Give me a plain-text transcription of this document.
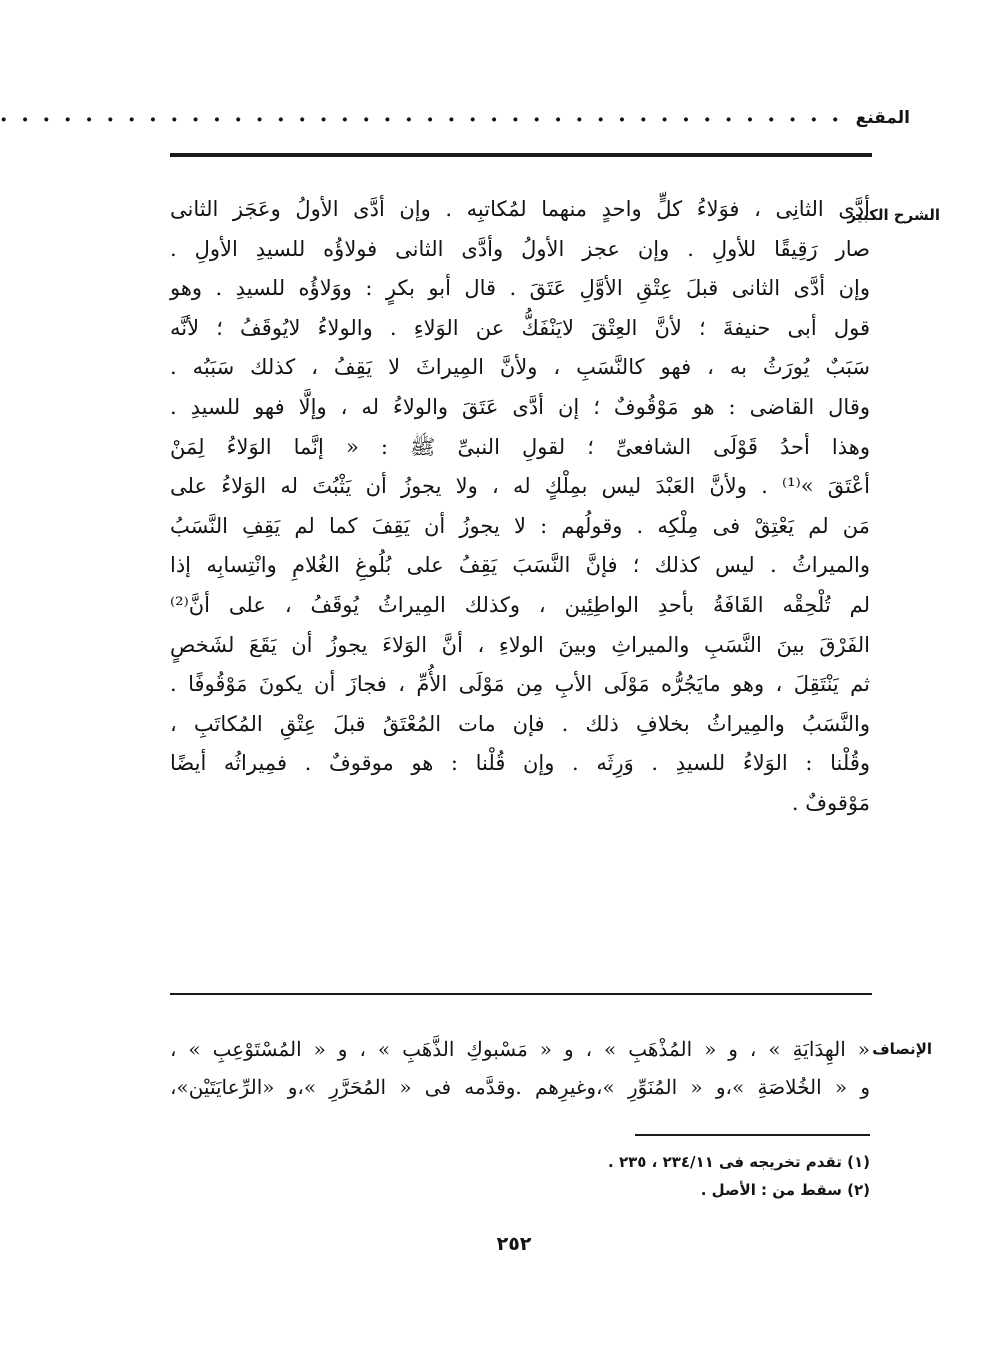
المقنع
· · · · · · · · · · · · · · · · · · · · · · · · · · · · · · · · · · · · · · · ·
الشرح الكبير
أدَّى الثانِى ، فوَلاءُ كلٍّ واحدٍ منهما لمُكاتبِه . وإن أدَّى الأولُ وعَجَز الثانى
صار رَقِيقًا للأولِ . وإن عجز الأولُ وأدَّى الثانى فولاؤُه للسيدِ الأولِ .
وإن أدَّى الثانى قبلَ عِتْقِ الأوَّلِ عَتَقَ . قال أبو بكرٍ : ووَلاؤُه للسيدِ . وهو
قول أبى حنيفةَ ؛ لأنَّ العِتْقَ لايَنْفَكُّ عن الوَلاءِ . والولاءُ لايُوقَفُ ؛ لأنَّه
سَبَبٌ يُورَثُ به ، فهو كالنَّسَبِ ، ولأنَّ المِيراثَ لا يَقِفُ ، كذلك سَبَبُه .
وقال القاضى : هو مَوْقُوفٌ ؛ إن أدَّى عَتَقَ والولاءُ له ، وإلَّا فهو للسيدِ .
وهذا أحدُ قَوْلَى الشافعىِّ ؛ لقولِ النبىِّ ﷺ : « إنَّما الوَلاءُ لِمَنْ
أعْتَقَ »⁽¹⁾ . ولأنَّ العَبْدَ ليس بمِلْكٍ له ، ولا يجوزُ أن يَثْبُتَ له الوَلاءُ على
مَن لم يَعْتِقْ فى مِلْكِه . وقولُهم : لا يجوزُ أن يَقِفَ كما لم يَقِفِ النَّسَبُ
والميراثُ . ليس كذلك ؛ فإنَّ النَّسَبَ يَقِفُ على بُلُوغِ الغُلامِ وانْتِسابِه إذا
لم تُلْحِقْه القَافَةُ بأحدِ الواطِئِين ، وكذلك المِيراثُ يُوقَفُ ، على أنَّ⁽²⁾
الفَرْقَ بينَ النَّسَبِ والميراثِ وبينَ الولاءِ ، أنَّ الوَلاءَ يجوزُ أن يَقَعَ لشَخصٍ
ثم يَنْتَقِلَ ، وهو مايَجُرُّه مَوْلَى الأبِ مِن مَوْلَى الأُمِّ ، فجازَ أن يكونَ مَوْقُوفًا .
والنَّسَبُ والمِيراثُ بخلافِ ذلك . فإن مات المُعْتَقُ قبلَ عِتْقِ المُكاتَبِ ،
وقُلْنا : الوَلاءُ للسيدِ . وَرِثَه . وإن قُلْنا : هو موقوفٌ . فمِيراثُه أيضًا
مَوْقوفٌ .
الإنصاف
« الهِدَايَةِ » ، و « المُذْهَبِ » ، و « مَسْبوكِ الذَّهَبِ » ، و « المُسْتَوْعِبِ » ،
و « الخُلاصَةِ »،و « المُنَوِّرِ »،وغيرِهم .وقدَّمه فى « المُحَرَّرِ »،و «الرِّعايَتَيْن»،
(١) تقدم تخريجه فى ٢٣٤/١١ ، ٢٣٥ .
(٢) سقط من : الأصل .
٢٥٢
